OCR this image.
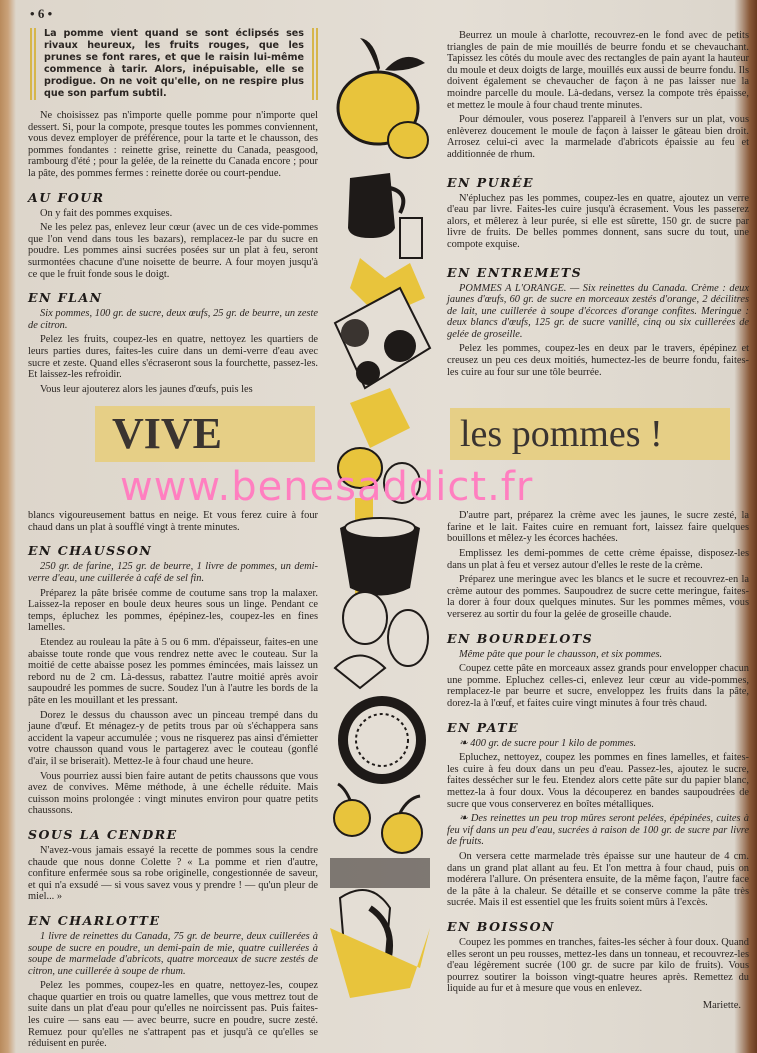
• 6 •
La pomme vient quand se sont éclipsés ses rivaux heureux, les fruits rouges, que les prunes se font rares, et que le raisin lui-même commence à tarir. Alors, inépuisable, elle se prodigue. On ne voit qu'elle, on ne respire plus que son parfum subtil.

Ne choisissez pas n'importe quelle pomme pour n'importe quel dessert. Si, pour la compote, presque toutes les pommes conviennent, vous devez employer de préférence, pour la tarte et le chausson, des pommes fondantes : reinette grise, reinette du Canada, peasgood, rambourg d'été ; pour la gelée, de la reinette du Canada encore ; pour la pâte, des pommes fermes : reinette dorée ou court-pendue.

AU FOUR

On y fait des pommes exquises.

Ne les pelez pas, enlevez leur cœur (avec un de ces vide-pommes que l'on vend dans tous les bazars), remplacez-le par du sucre en poudre. Les pommes ainsi sucrées posées sur un plat à feu, seront surmontées chacune d'une noisette de beurre. A four moyen jusqu'à ce que le fruit fonde sous le doigt.

EN FLAN

Six pommes, 100 gr. de sucre, deux œufs, 25 gr. de beurre, un zeste de citron.

Pelez les fruits, coupez-les en quatre, nettoyez les quartiers de leurs parties dures, faites-les cuire dans un demi-verre d'eau avec sucre et zeste. Quand elles s'écraseront sous la fourchette, passez-les. Et laissez-les refroidir.

Vous leur ajouterez alors les jaunes d'œufs, puis les

Beurrez un moule à charlotte, recouvrez-en le fond avec de petits triangles de pain de mie mouillés de beurre fondu et se chevauchant. Tapissez les côtés du moule avec des rectangles de pain ayant la hauteur du moule et deux doigts de large, mouillés eux aussi de beurre fondu. Ils doivent également se chevaucher de façon à ne pas laisser nue la moindre parcelle du moule. Là-dedans, versez la compote très épaisse, et mettez le moule à four chaud trente minutes.

Pour démouler, vous poserez l'appareil à l'envers sur un plat, vous enlèverez doucement le moule de façon à laisser le gâteau bien droit. Arrosez celui-ci avec la marmelade d'abricots épaissie au feu et additionnée de rhum.

EN PURÉE

N'épluchez pas les pommes, coupez-les en quatre, ajoutez un verre d'eau par livre. Faites-les cuire jusqu'à écrasement. Vous les passerez alors, et mêlerez à leur purée, si elle est sûrette, 150 gr. de sucre par livre de fruits. De belles pommes donnent, sans sucre du tout, une compote exquise.

EN ENTREMETS

POMMES A L'ORANGE. — Six reinettes du Canada. Crème : deux jaunes d'œufs, 60 gr. de sucre en morceaux zestés d'orange, 2 décilitres de lait, une cuillerée à soupe d'écorces d'orange confites. Meringue : deux blancs d'œufs, 125 gr. de sucre vanillé, cinq ou six cuillerées de gelée de groseille.

Pelez les pommes, coupez-les en deux par le travers, épépinez et creusez un peu ces deux moitiés, humectez-les de beurre fondu, faites-les cuire au four sur une tôle beurrée.

VIVE	les pommes !
www.benesaddict.fr

blancs vigoureusement battus en neige. Et vous ferez cuire à four chaud dans un plat à soufflé vingt à trente minutes.

EN CHAUSSON

250 gr. de farine, 125 gr. de beurre, 1 livre de pommes, un demi-verre d'eau, une cuillerée à café de sel fin.

Préparez la pâte brisée comme de coutume sans trop la malaxer. Laissez-la reposer en boule deux heures sous un linge. Pendant ce temps, épluchez les pommes, épépinez-les, coupez-les en fines lamelles.

Etendez au rouleau la pâte à 5 ou 6 mm. d'épaisseur, faites-en une abaisse toute ronde que vous rendrez nette avec le couteau. Sur la moitié de cette abaisse posez les pommes émincées, mais laissez un rebord nu de 2 cm. Là-dessus, rabattez l'autre moitié après avoir saupoudré les pommes de sucre. Soudez l'un à l'autre les bords de la pâte en les mouillant et les pressant.

Dorez le dessus du chausson avec un pinceau trempé dans du jaune d'œuf. Et ménagez-y de petits trous par où s'échappera sans accident la vapeur accumulée ; vous ne risquerez pas ainsi d'émietter votre chausson quand vous le partagerez avec le couteau (gonflé d'air, il se briserait). Mettez-le à four chaud une heure.

Vous pourriez aussi bien faire autant de petits chaussons que vous avez de convives. Même méthode, à une échelle réduite. Mais cuisson moins prolongée : vingt minutes environ pour quatre petits chaussons.

SOUS LA CENDRE

N'avez-vous jamais essayé la recette de pommes sous la cendre chaude que nous donne Colette ? « La pomme et rien d'autre, confiture enfermée sous sa robe originelle, congestionnée de saveur, et qui n'a exsudé — si vous savez vous y prendre ! — qu'un pleur de miel... »

EN CHARLOTTE

1 livre de reinettes du Canada, 75 gr. de beurre, deux cuillerées à soupe de sucre en poudre, un demi-pain de mie, quatre cuillerées à soupe de marmelade d'abricots, quatre morceaux de sucre zestés de citron, une cuillerée à soupe de rhum.

Pelez les pommes, coupez-les en quatre, nettoyez-les, coupez chaque quartier en trois ou quatre lamelles, que vous mettrez tout de suite dans un plat d'eau pour qu'elles ne noircissent pas. Puis faites-les cuire — sans eau — avec beurre, sucre en poudre, sucre zesté. Remuez pour qu'elles ne s'attrapent pas et jusqu'à ce qu'elles se réduisent en purée.

D'autre part, préparez la crème avec les jaunes, le sucre zesté, la farine et le lait. Faites cuire en remuant fort, laissez faire quelques bouillons et mêlez-y les écorces hachées.

Emplissez les demi-pommes de cette crème épaisse, disposez-les dans un plat à feu et versez autour d'elles le reste de la crème.

Préparez une meringue avec les blancs et le sucre et recouvrez-en la crème autour des pommes. Saupoudrez de sucre cette meringue, faites-la dorer à four doux quelques minutes. Sur les pommes mêmes, vous verserez au sortir du four la gelée de groseille chaude.

EN BOURDELOTS

Même pâte que pour le chausson, et six pommes.

Coupez cette pâte en morceaux assez grands pour envelopper chacun une pomme. Epluchez celles-ci, enlevez leur cœur au vide-pommes, remplacez-le par beurre et sucre, enveloppez les fruits dans la pâte, dorez-la à l'œuf, et faites cuire vingt minutes à four très chaud.

EN PATE

❧ 400 gr. de sucre pour 1 kilo de pommes.

Epluchez, nettoyez, coupez les pommes en fines lamelles, et faites-les cuire à feu doux dans un peu d'eau. Passez-les, ajoutez le sucre, faites dessécher sur le feu. Etendez alors cette pâte sur du papier blanc, mettez-la à four doux. Vous la découperez en bandes saupoudrées de sucre que vous conserverez en boîtes métalliques.

❧ Des reinettes un peu trop mûres seront pelées, épépinées, cuites à feu vif dans un peu d'eau, sucrées à raison de 100 gr. de sucre par livre de fruits.

On versera cette marmelade très épaisse sur une hauteur de 4 cm. dans un grand plat allant au feu. Et l'on mettra à four chaud, puis on modérera l'allure. On présentera ensuite, de la même façon, l'autre face de la pâte à la chaleur. Se détaille et se conserve comme la pâte très sucrée. Mais il est essentiel que les fruits soient mûrs à l'excès.

EN BOISSON

Coupez les pommes en tranches, faites-les sécher à four doux. Quand elles seront un peu rousses, mettez-les dans un tonneau, et recouvrez-les d'eau légèrement sucrée (100 gr. de sucre par kilo de fruits). Vous pourrez soutirer la boisson vingt-quatre heures après. Remettez du liquide au fur et à mesure que vous en enlevez.

Mariette.
